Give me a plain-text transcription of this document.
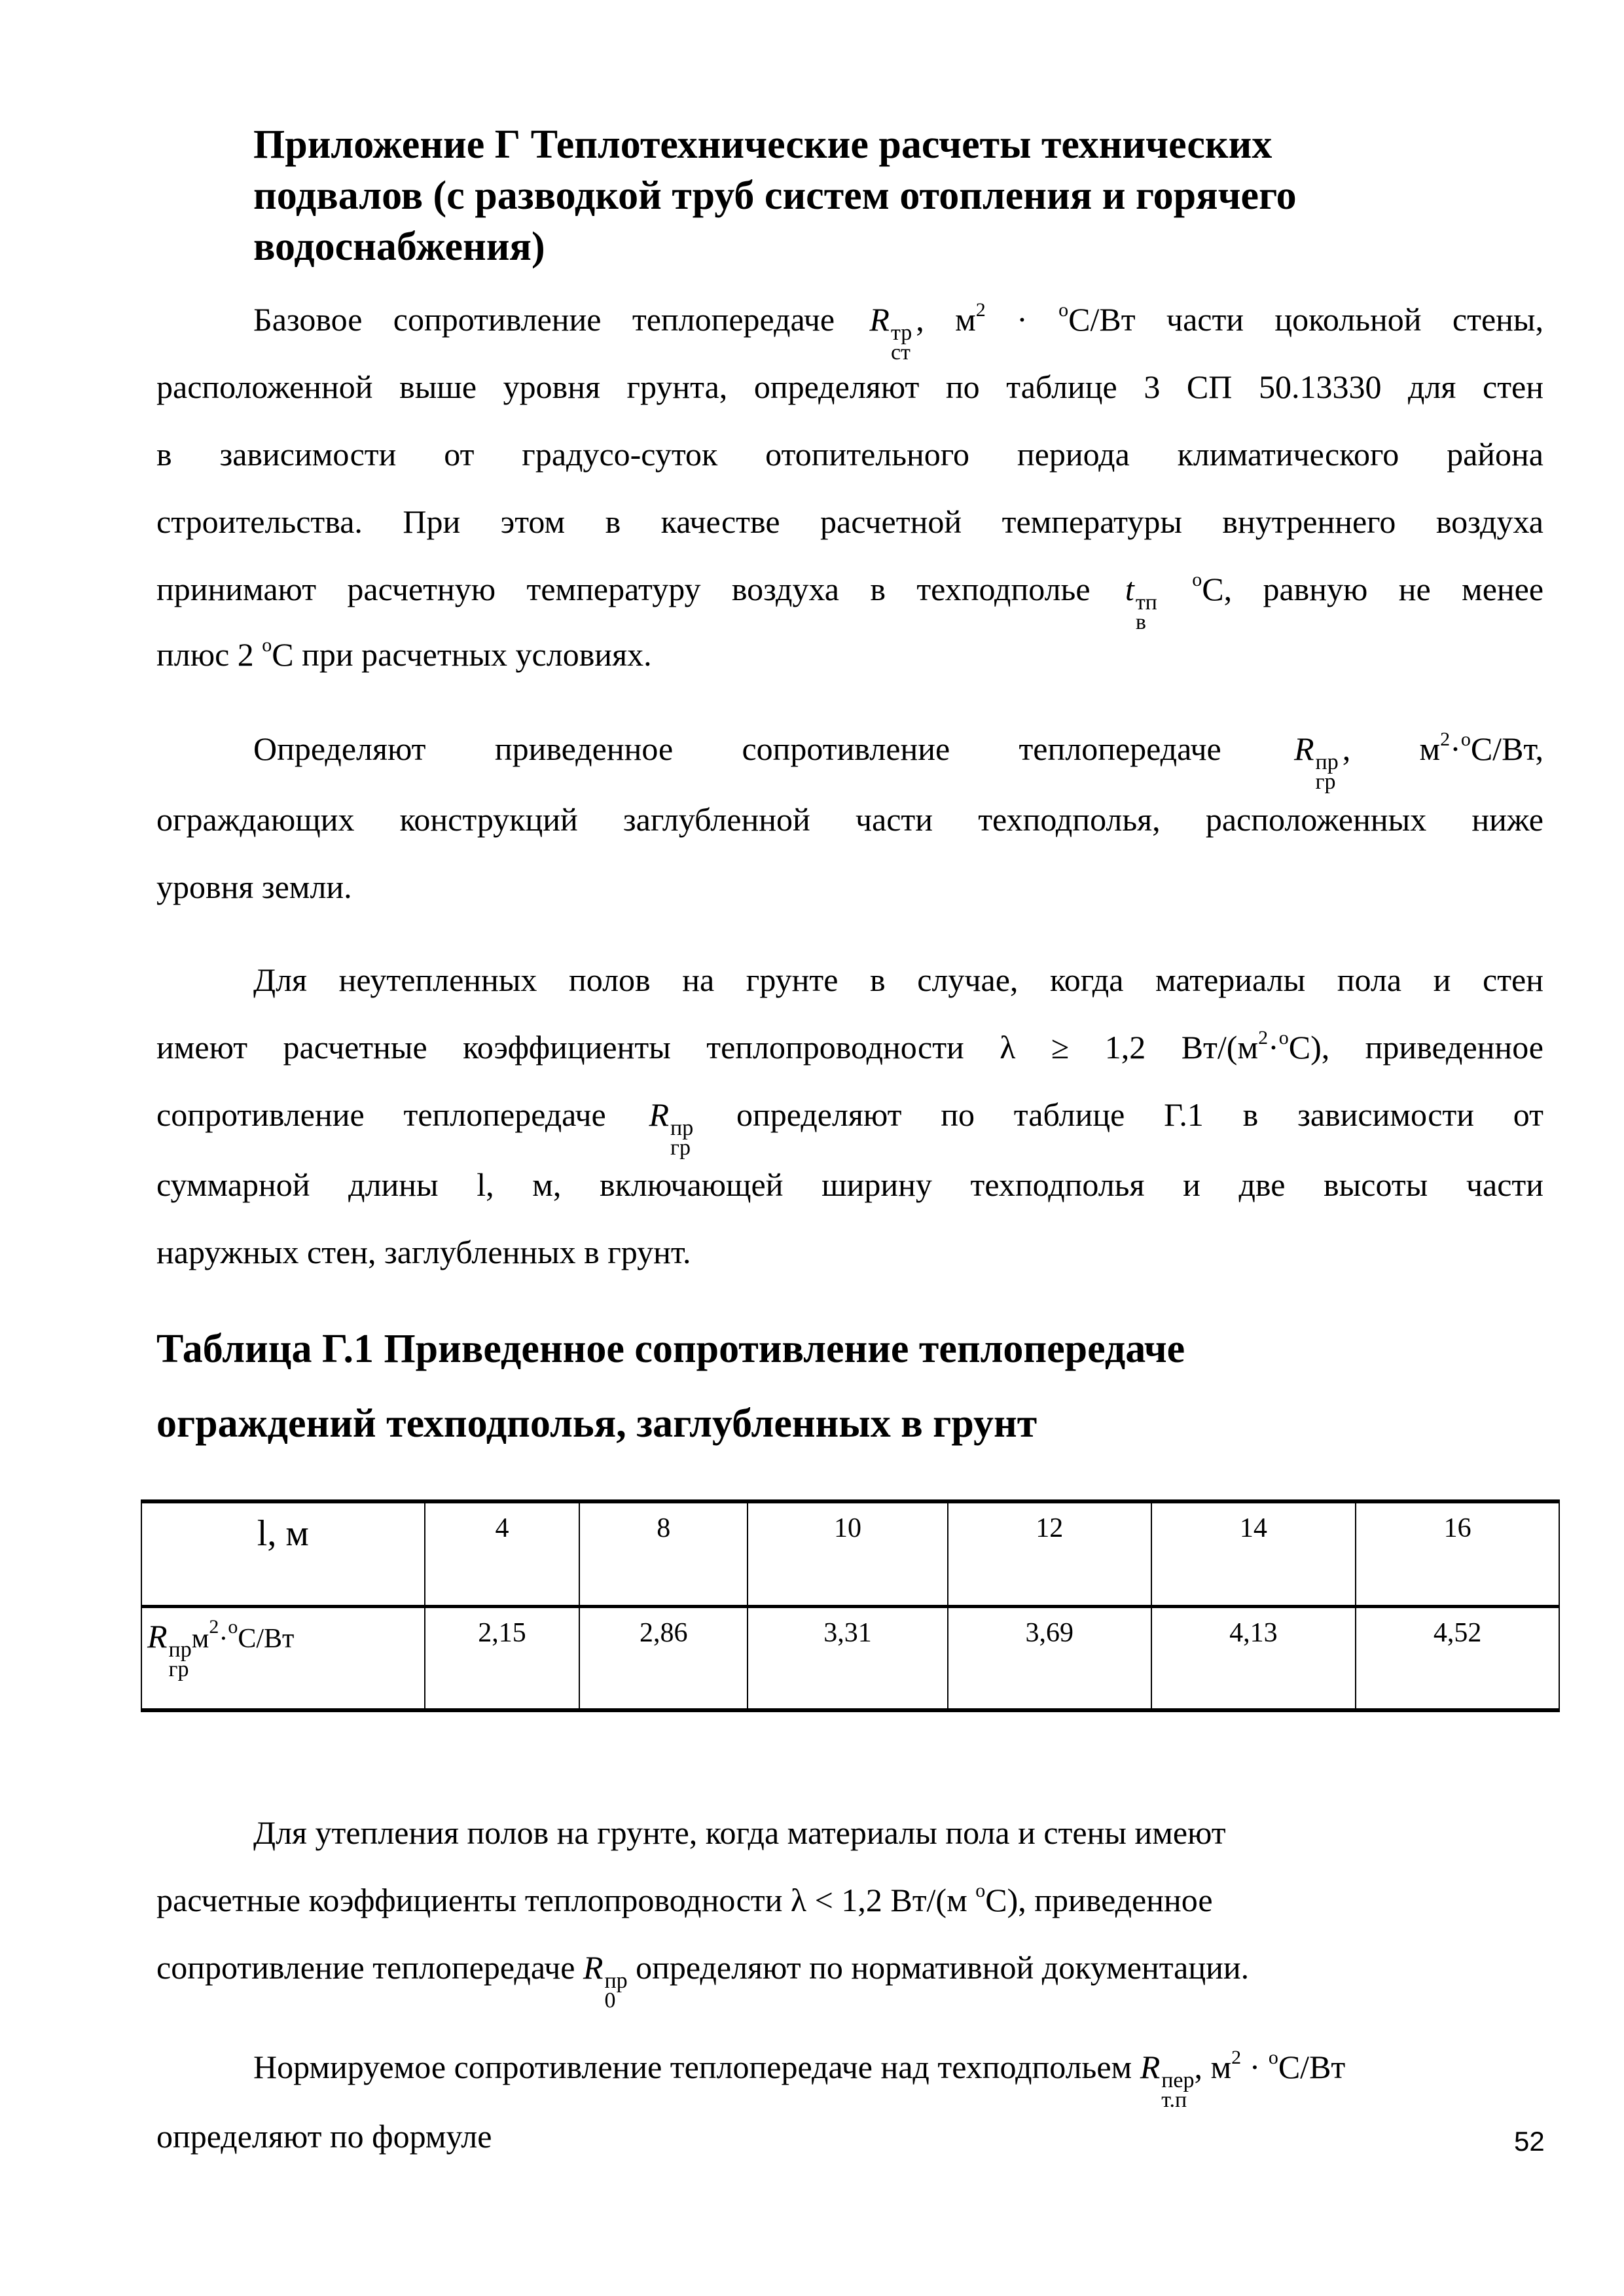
Приложение Г Теплотехнические расчеты технических
подвалов (с разводкой труб систем отопления и горячего
водоснабжения)
Базовое сопротивление теплопередаче R тр
ст
, $м^2 \cdot ^oС/Вт$ части цокольной стены,
расположенной выше уровня грунта, определяют по таблице 3 СП 50.13330 для стен
в зависимости от градусо-суток отопительного периода климатического района
строительства. При этом в качестве расчетной температуры внутреннего воздуха
принимают расчетную температуру воздуха в техподполье t тп
в
$^o$С, равную не менее
плюс 2 $^o$С при расчетных условиях.
Определяют приведенное сопротивление теплопередаче R пр
гр
, $м^2\cdot^oС/Вт$,
ограждающих конструкций заглубленной части техподполья, расположенных ниже
уровня земли.
Для неутепленных полов на грунте в случае, когда материалы пола и стен
имеют расчетные коэффициенты теплопроводности λ ≥ 1,2 $Вт/(м^2\cdot^oС)$, приведенное
сопротивление теплопередаче R пр
гр
определяют по таблице Г.1 в зависимости от
суммарной длины l, м, включающей ширину техподполья и две высоты части
наружных стен, заглубленных в грунт.
Таблица Г.1 Приведенное сопротивление теплопередаче
ограждений техподполья, заглубленных в грунт
l, м	4	8	10	12	14	16
R пр
гр
$м^2\cdot^oС/Вт$	2,15	2,86	3,31	3,69	4,13	4,52
Для утепления полов на грунте, когда материалы пола и стены имеют
расчетные коэффициенты теплопроводности λ < 1,2 Вт/(м $^o$С), приведенное
сопротивление теплопередаче R пр
0
определяют по нормативной документации.
Нормируемое сопротивление теплопередаче над техподпольем R пер
т.п
, $м^2 \cdot ^oС/Вт$
определяют по формуле	52
